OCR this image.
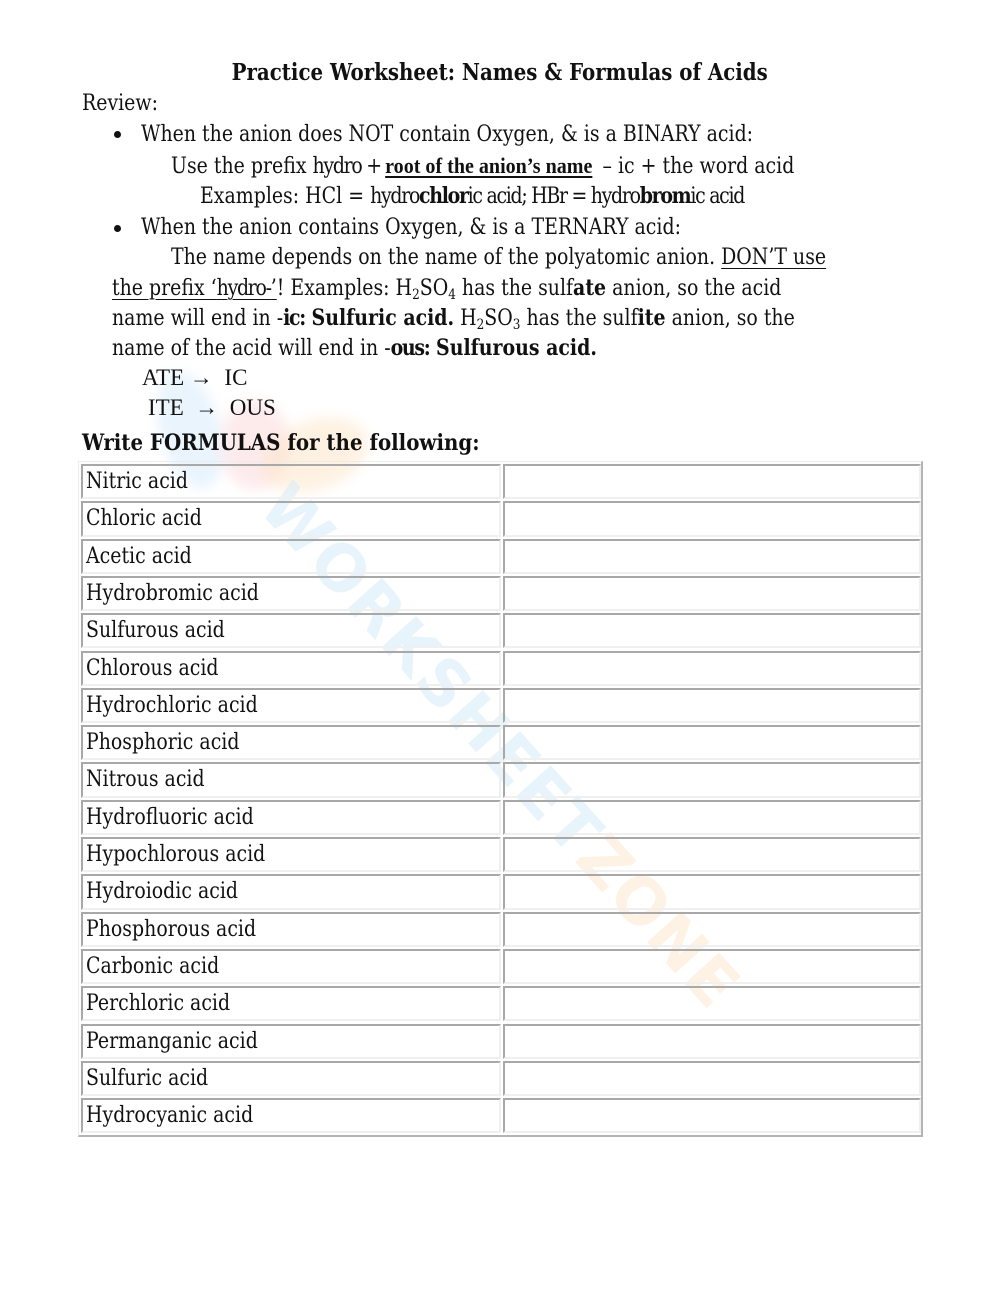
WORKSHEETZONE
Practice Worksheet: Names & Formulas of Acids
Review:
When the anion does NOT contain Oxygen, & is a BINARY acid:
Use the prefix hydro + root of the anion’s name – ic + the word acid
Examples: HCl = hydrochloric acid; HBr = hydrobromic acid
When the anion contains Oxygen, & is a TERNARY acid:
The name depends on the name of the polyatomic anion. DON’T use
the prefix ‘hydro-’! Examples: $H_2SO_4$ has the sulfate anion, so the acid
name will end in -ic: Sulfuric acid. $H_2SO_3$ has the sulfite anion, so the
name of the acid will end in -ous: Sulfurous acid.
ATE → IC
ITE → OUS
Write FORMULAS for the following:
Nitric acid
Chloric acid
Acetic acid
Hydrobromic acid
Sulfurous acid
Chlorous acid
Hydrochloric acid
Phosphoric acid
Nitrous acid
Hydrofluoric acid
Hypochlorous acid
Hydroiodic acid
Phosphorous acid
Carbonic acid
Perchloric acid
Permanganic acid
Sulfuric acid
Hydrocyanic acid
